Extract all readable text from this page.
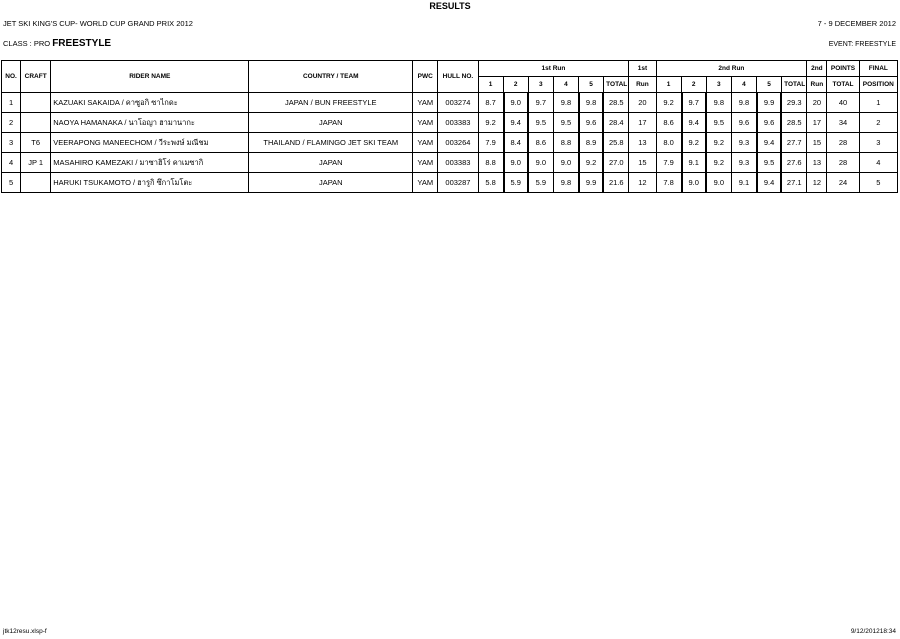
RESULTS
JET SKI KING'S CUP- WORLD CUP GRAND PRIX 2012	7 - 9 DECEMBER 2012
CLASS : PRO FREESTYLE	EVENT: FREESTYLE
NO.	CRAFT	RIDER NAME	COUNTRY / TEAM	PWC	HULL NO.	1st Run						1st	2nd Run						2nd	POINTS	FINAL
						1	2	3	4	5	TOTAL	Run	1	2	3	4	5	TOTAL	Run	TOTAL	POSITION
1		KAZUAKI SAKAIDA / คาซูอกิ ซาไกดะ	JAPAN / BUN FREESTYLE	YAM	003274	8.7	9.0	9.7	9.8	9.8	28.5	20	9.2	9.7	9.8	9.8	9.9	29.3	20	40	1
2		NAOYA HAMANAKA / นาโอญา ฮามานากะ	JAPAN	YAM	003383	9.2	9.4	9.5	9.5	9.6	28.4	17	8.6	9.4	9.5	9.6	9.6	28.5	17	34	2
3	T6	VEERAPONG MANEECHOM / วีระพงษ์ มณีชม	THAILAND / FLAMINGO JET SKI TEAM	YAM	003264	7.9	8.4	8.6	8.8	8.9	25.8	13	8.0	9.2	9.2	9.3	9.4	27.7	15	28	3
4	JP 1	MASAHIRO KAMEZAKI / มาซาฮิโร่ คาเมซากิ	JAPAN	YAM	003383	8.8	9.0	9.0	9.0	9.2	27.0	15	7.9	9.1	9.2	9.3	9.5	27.6	13	28	4
5		HARUKI TSUKAMOTO / ฮารูกิ ซึกาโมโตะ	JAPAN	YAM	003287	5.8	5.9	5.9	9.8	9.9	21.6	12	7.8	9.0	9.0	9.1	9.4	27.1	12	24	5
jtk12resu.xlsp-f	9/12/201218:34
